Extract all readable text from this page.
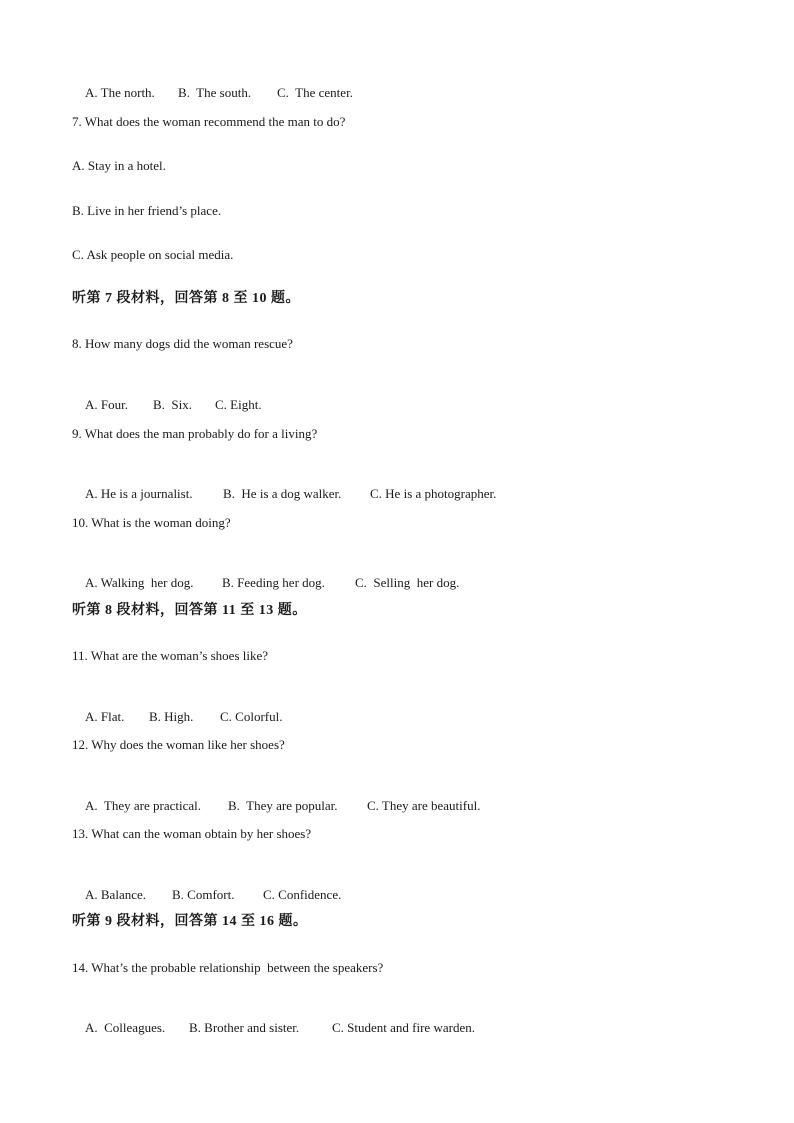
A. The north. B.  The south. C.  The center.

7. What does the woman recommend the man to do?
A. Stay in a hotel.
B. Live in her friend’s place.
C. Ask people on social media.
听第 7 段材料，回答第 8 至 10 题。
8. How many dogs did the woman rescue?

A. Four. B.  Six. C. Eight.

9. What does the man probably do for a living?

A. He is a journalist. B.  He is a dog walker. C. He is a photographer.

10. What is the woman doing?

A. Walking  her dog. B. Feeding her dog. C.  Selling  her dog.

听第 8 段材料，回答第 11 至 13 题。
11. What are the woman’s shoes like?

A. Flat. B. High. C. Colorful.

12. Why does the woman like her shoes?

A.  They are practical. B.  They are popular. C. They are beautiful.

13. What can the woman obtain by her shoes?

A. Balance. B. Comfort. C. Confidence.

听第 9 段材料，回答第 14 至 16 题。
14. What’s the probable relationship  between the speakers?

A.  Colleagues. B. Brother and sister.	C. Student and fire warden.
